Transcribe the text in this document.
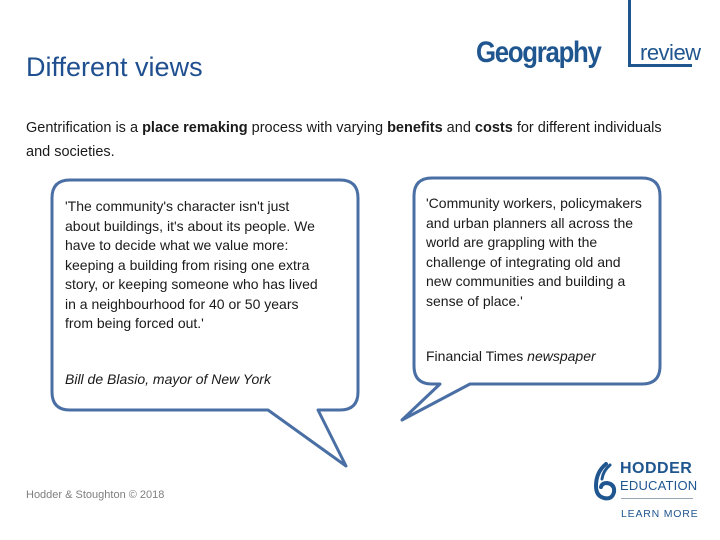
Different views	Geography review
Gentrification is a place remaking process with varying benefits and costs for different individuals and societies.
'The community's character isn't just about buildings, it's about its people. We have to decide what we value more: keeping a building from rising one extra story, or keeping someone who has lived in a neighbourhood for 40 or 50 years from being forced out.'
Bill de Blasio, mayor of New York
'Community workers, policymakers and urban planners all across the world are grappling with the challenge of integrating old and new communities and building a sense of place.'
Financial Times newspaper
Hodder & Stoughton © 2018
HODDER
EDUCATION
LEARN MORE
